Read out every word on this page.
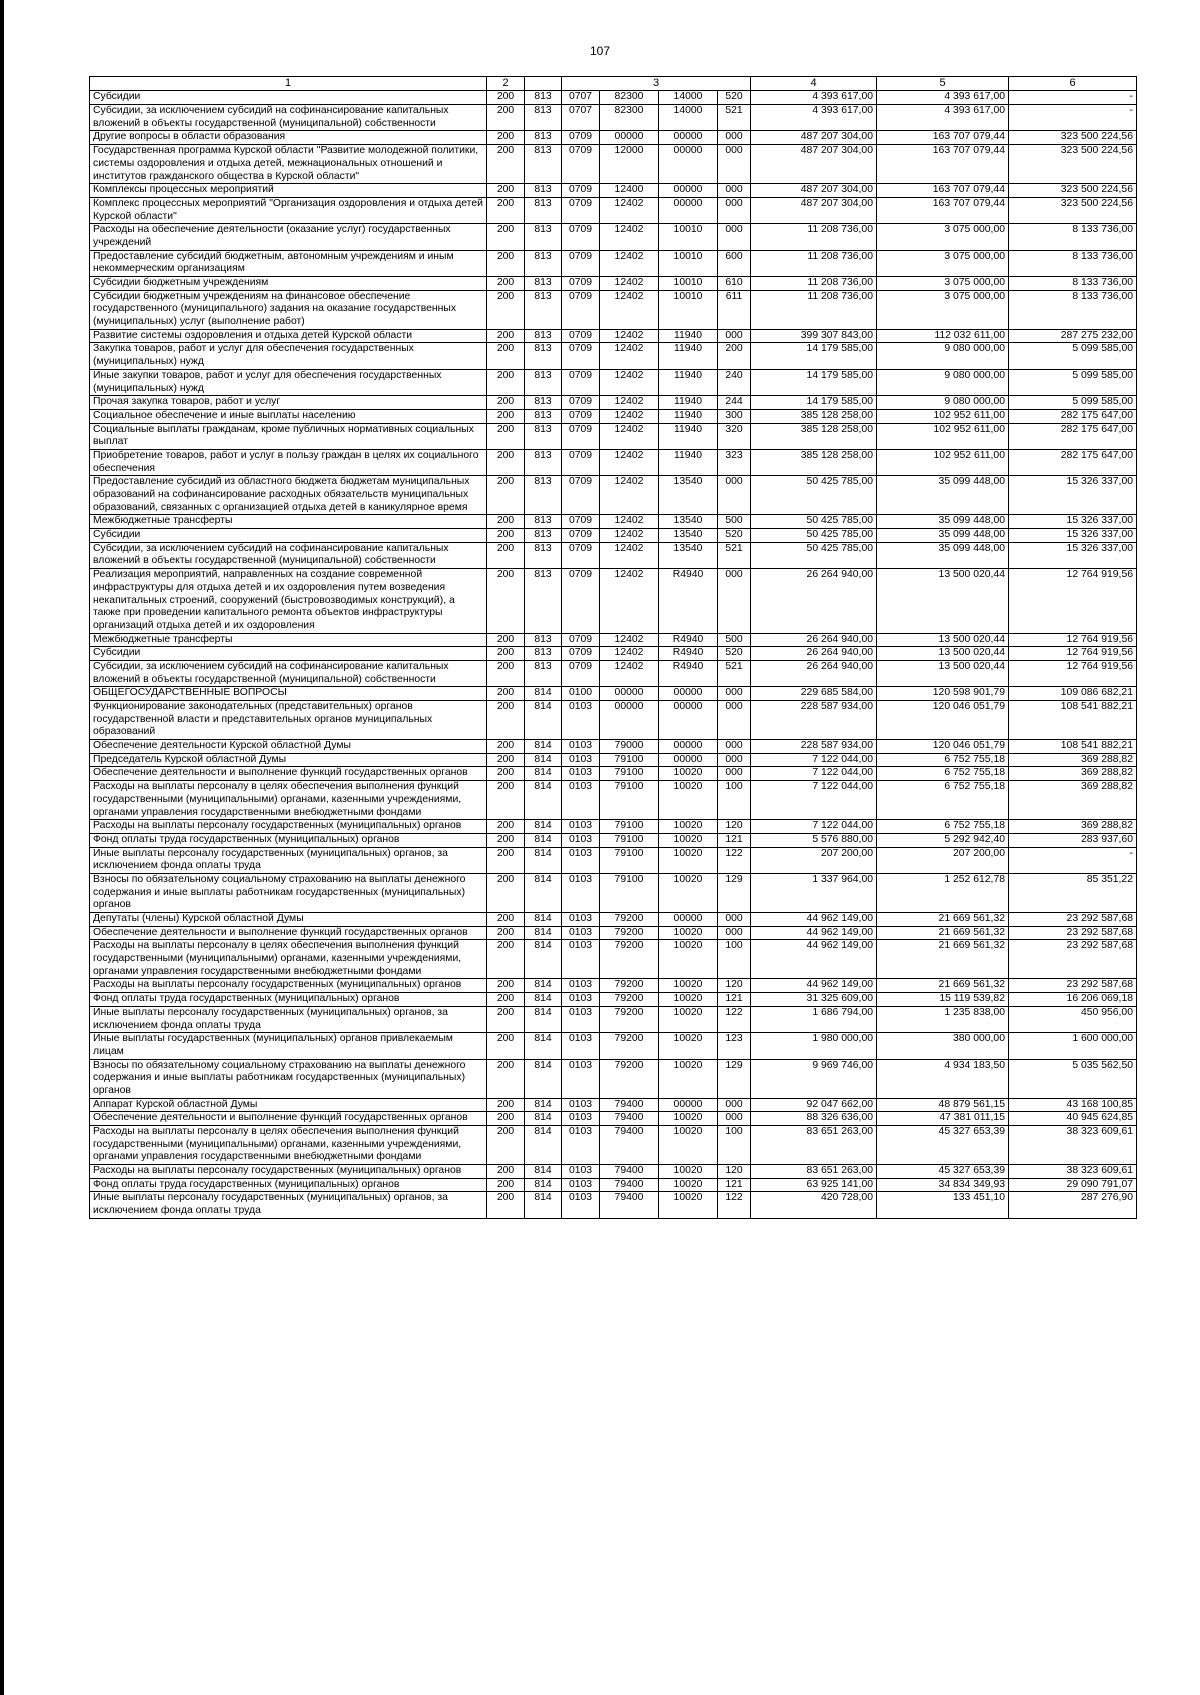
107
1	2		3				4	5	6
Субсидии	200	813	0707	82300	14000	520	4 393 617,00	4 393 617,00	-
Субсидии, за исключением субсидий на софинансирование капитальных вложений в объекты государственной (муниципальной) собственности	200	813	0707	82300	14000	521	4 393 617,00	4 393 617,00	-
Другие вопросы в области образования	200	813	0709	00000	00000	000	487 207 304,00	163 707 079,44	323 500 224,56
Государственная программа Курской области "Развитие молодежной политики, системы оздоровления и отдыха детей, межнациональных отношений и институтов гражданского общества в Курской области"	200	813	0709	12000	00000	000	487 207 304,00	163 707 079,44	323 500 224,56
Комплексы процессных мероприятий	200	813	0709	12400	00000	000	487 207 304,00	163 707 079,44	323 500 224,56
Комплекс процессных мероприятий "Организация оздоровления и отдыха детей Курской области"	200	813	0709	12402	00000	000	487 207 304,00	163 707 079,44	323 500 224,56
Расходы на обеспечение деятельности (оказание услуг) государственных учреждений	200	813	0709	12402	10010	000	11 208 736,00	3 075 000,00	8 133 736,00
Предоставление субсидий бюджетным, автономным учреждениям и иным некоммерческим организациям	200	813	0709	12402	10010	600	11 208 736,00	3 075 000,00	8 133 736,00
Субсидии бюджетным учреждениям	200	813	0709	12402	10010	610	11 208 736,00	3 075 000,00	8 133 736,00
Субсидии бюджетным учреждениям на финансовое обеспечение государственного (муниципального) задания на оказание государственных (муниципальных) услуг (выполнение работ)	200	813	0709	12402	10010	611	11 208 736,00	3 075 000,00	8 133 736,00
Развитие системы оздоровления и отдыха детей Курской области	200	813	0709	12402	11940	000	399 307 843,00	112 032 611,00	287 275 232,00
Закупка товаров, работ и услуг для обеспечения государственных (муниципальных) нужд	200	813	0709	12402	11940	200	14 179 585,00	9 080 000,00	5 099 585,00
Иные закупки товаров, работ и услуг для обеспечения государственных (муниципальных) нужд	200	813	0709	12402	11940	240	14 179 585,00	9 080 000,00	5 099 585,00
Прочая закупка товаров, работ и услуг	200	813	0709	12402	11940	244	14 179 585,00	9 080 000,00	5 099 585,00
Социальное обеспечение и иные выплаты населению	200	813	0709	12402	11940	300	385 128 258,00	102 952 611,00	282 175 647,00
Социальные выплаты гражданам, кроме публичных нормативных социальных выплат	200	813	0709	12402	11940	320	385 128 258,00	102 952 611,00	282 175 647,00
Приобретение товаров, работ и услуг в пользу граждан в целях их социального обеспечения	200	813	0709	12402	11940	323	385 128 258,00	102 952 611,00	282 175 647,00
Предоставление субсидий из областного бюджета бюджетам муниципальных образований на софинансирование расходных обязательств муниципальных образований, связанных с организацией отдыха детей в каникулярное время	200	813	0709	12402	13540	000	50 425 785,00	35 099 448,00	15 326 337,00
Межбюджетные трансферты	200	813	0709	12402	13540	500	50 425 785,00	35 099 448,00	15 326 337,00
Субсидии	200	813	0709	12402	13540	520	50 425 785,00	35 099 448,00	15 326 337,00
Субсидии, за исключением субсидий на софинансирование капитальных вложений в объекты государственной (муниципальной) собственности	200	813	0709	12402	13540	521	50 425 785,00	35 099 448,00	15 326 337,00
Реализация мероприятий, направленных на создание современной инфраструктуры для отдыха детей и их оздоровления путем возведения некапитальных строений, сооружений (быстровозводимых конструкций), а также при проведении капитального ремонта объектов инфраструктуры организаций отдыха детей и их оздоровления	200	813	0709	12402	R4940	000	26 264 940,00	13 500 020,44	12 764 919,56
Межбюджетные трансферты	200	813	0709	12402	R4940	500	26 264 940,00	13 500 020,44	12 764 919,56
Субсидии	200	813	0709	12402	R4940	520	26 264 940,00	13 500 020,44	12 764 919,56
Субсидии, за исключением субсидий на софинансирование капитальных вложений в объекты государственной (муниципальной) собственности	200	813	0709	12402	R4940	521	26 264 940,00	13 500 020,44	12 764 919,56
ОБЩЕГОСУДАРСТВЕННЫЕ ВОПРОСЫ	200	814	0100	00000	00000	000	229 685 584,00	120 598 901,79	109 086 682,21
Функционирование законодательных (представительных) органов государственной власти и представительных органов муниципальных образований	200	814	0103	00000	00000	000	228 587 934,00	120 046 051,79	108 541 882,21
Обеспечение деятельности Курской областной Думы	200	814	0103	79000	00000	000	228 587 934,00	120 046 051,79	108 541 882,21
Председатель Курской областной Думы	200	814	0103	79100	00000	000	7 122 044,00	6 752 755,18	369 288,82
Обеспечение деятельности и выполнение функций государственных органов	200	814	0103	79100	10020	000	7 122 044,00	6 752 755,18	369 288,82
Расходы на выплаты персоналу в целях обеспечения выполнения функций государственными (муниципальными) органами, казенными учреждениями, органами управления государственными внебюджетными фондами	200	814	0103	79100	10020	100	7 122 044,00	6 752 755,18	369 288,82
Расходы на выплаты персоналу государственных (муниципальных) органов	200	814	0103	79100	10020	120	7 122 044,00	6 752 755,18	369 288,82
Фонд оплаты труда государственных (муниципальных) органов	200	814	0103	79100	10020	121	5 576 880,00	5 292 942,40	283 937,60
Иные выплаты персоналу государственных (муниципальных) органов, за исключением фонда оплаты труда	200	814	0103	79100	10020	122	207 200,00	207 200,00	-
Взносы по обязательному социальному страхованию на выплаты денежного содержания и иные выплаты работникам государственных (муниципальных) органов	200	814	0103	79100	10020	129	1 337 964,00	1 252 612,78	85 351,22
Депутаты (члены) Курской областной Думы	200	814	0103	79200	00000	000	44 962 149,00	21 669 561,32	23 292 587,68
Обеспечение деятельности и выполнение функций государственных органов	200	814	0103	79200	10020	000	44 962 149,00	21 669 561,32	23 292 587,68
Расходы на выплаты персоналу в целях обеспечения выполнения функций государственными (муниципальными) органами, казенными учреждениями, органами управления государственными внебюджетными фондами	200	814	0103	79200	10020	100	44 962 149,00	21 669 561,32	23 292 587,68
Расходы на выплаты персоналу государственных (муниципальных) органов	200	814	0103	79200	10020	120	44 962 149,00	21 669 561,32	23 292 587,68
Фонд оплаты труда государственных (муниципальных) органов	200	814	0103	79200	10020	121	31 325 609,00	15 119 539,82	16 206 069,18
Иные выплаты персоналу государственных (муниципальных) органов, за исключением фонда оплаты труда	200	814	0103	79200	10020	122	1 686 794,00	1 235 838,00	450 956,00
Иные выплаты государственных (муниципальных) органов привлекаемым лицам	200	814	0103	79200	10020	123	1 980 000,00	380 000,00	1 600 000,00
Взносы по обязательному социальному страхованию на выплаты денежного содержания и иные выплаты работникам государственных (муниципальных) органов	200	814	0103	79200	10020	129	9 969 746,00	4 934 183,50	5 035 562,50
Аппарат Курской областной Думы	200	814	0103	79400	00000	000	92 047 662,00	48 879 561,15	43 168 100,85
Обеспечение деятельности и выполнение функций государственных органов	200	814	0103	79400	10020	000	88 326 636,00	47 381 011,15	40 945 624,85
Расходы на выплаты персоналу в целях обеспечения выполнения функций государственными (муниципальными) органами, казенными учреждениями, органами управления государственными внебюджетными фондами	200	814	0103	79400	10020	100	83 651 263,00	45 327 653,39	38 323 609,61
Расходы на выплаты персоналу государственных (муниципальных) органов	200	814	0103	79400	10020	120	83 651 263,00	45 327 653,39	38 323 609,61
Фонд оплаты труда государственных (муниципальных) органов	200	814	0103	79400	10020	121	63 925 141,00	34 834 349,93	29 090 791,07
Иные выплаты персоналу государственных (муниципальных) органов, за исключением фонда оплаты труда	200	814	0103	79400	10020	122	420 728,00	133 451,10	287 276,90
